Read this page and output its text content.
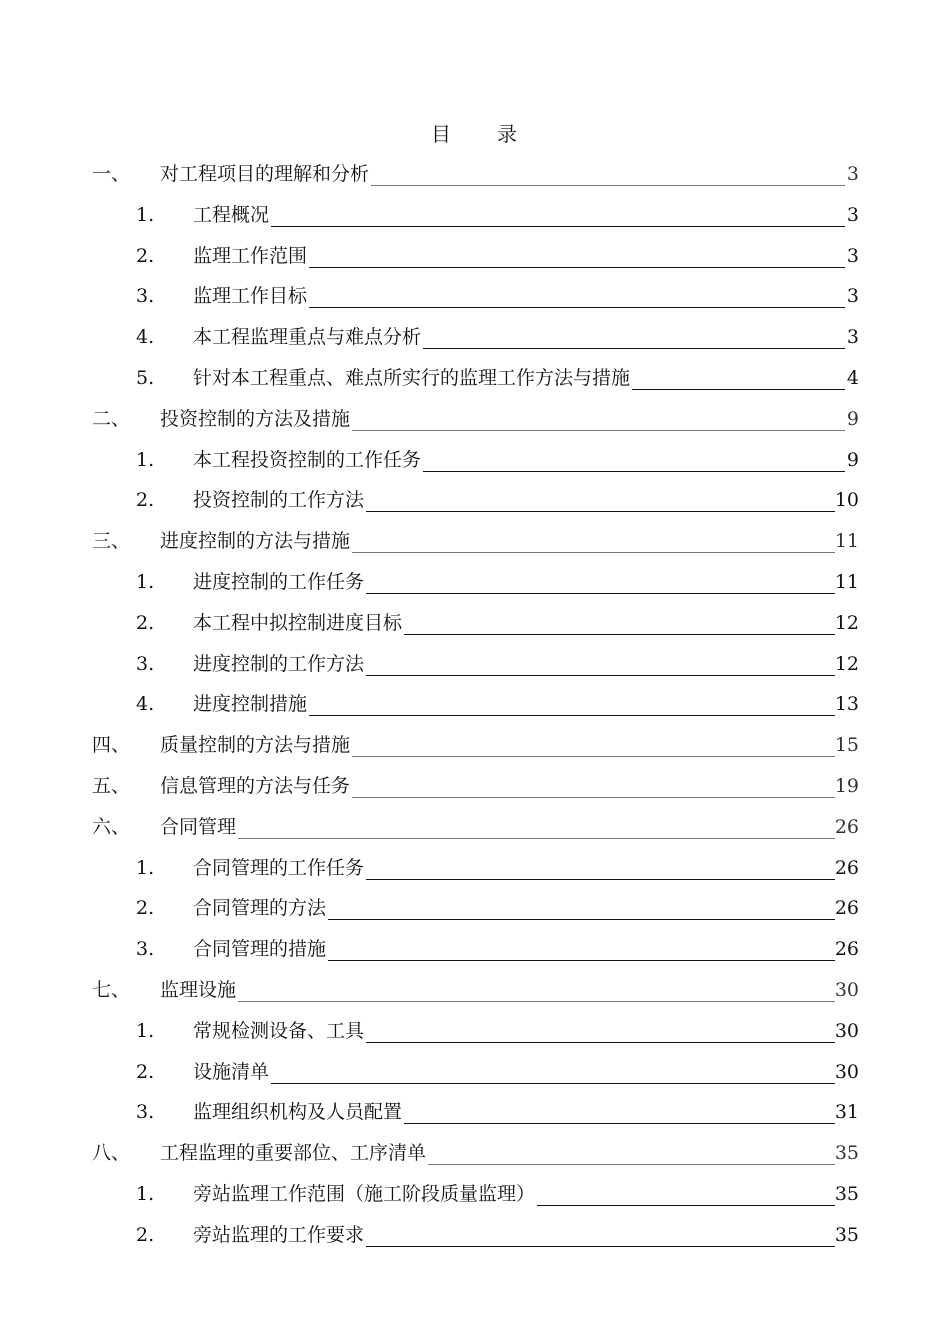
目　　录
一、 对工程项目的理解和分析	3
1. 工程概况	3
2. 监理工作范围	3
3. 监理工作目标	3
4. 本工程监理重点与难点分析	3
5. 针对本工程重点、难点所实行的监理工作方法与措施	4
二、 投资控制的方法及措施	9
1. 本工程投资控制的工作任务	9
2. 投资控制的工作方法	10
三、 进度控制的方法与措施	11
1. 进度控制的工作任务	11
2. 本工程中拟控制进度目标	12
3. 进度控制的工作方法	12
4. 进度控制措施	13
四、 质量控制的方法与措施	15
五、 信息管理的方法与任务	19
六、 合同管理	26
1. 合同管理的工作任务	26
2. 合同管理的方法	26
3. 合同管理的措施	26
七、 监理设施	30
1. 常规检测设备、工具	30
2. 设施清单	30
3. 监理组织机构及人员配置	31
八、 工程监理的重要部位、工序清单	35
1. 旁站监理工作范围（施工阶段质量监理）	35
2. 旁站监理的工作要求	35
